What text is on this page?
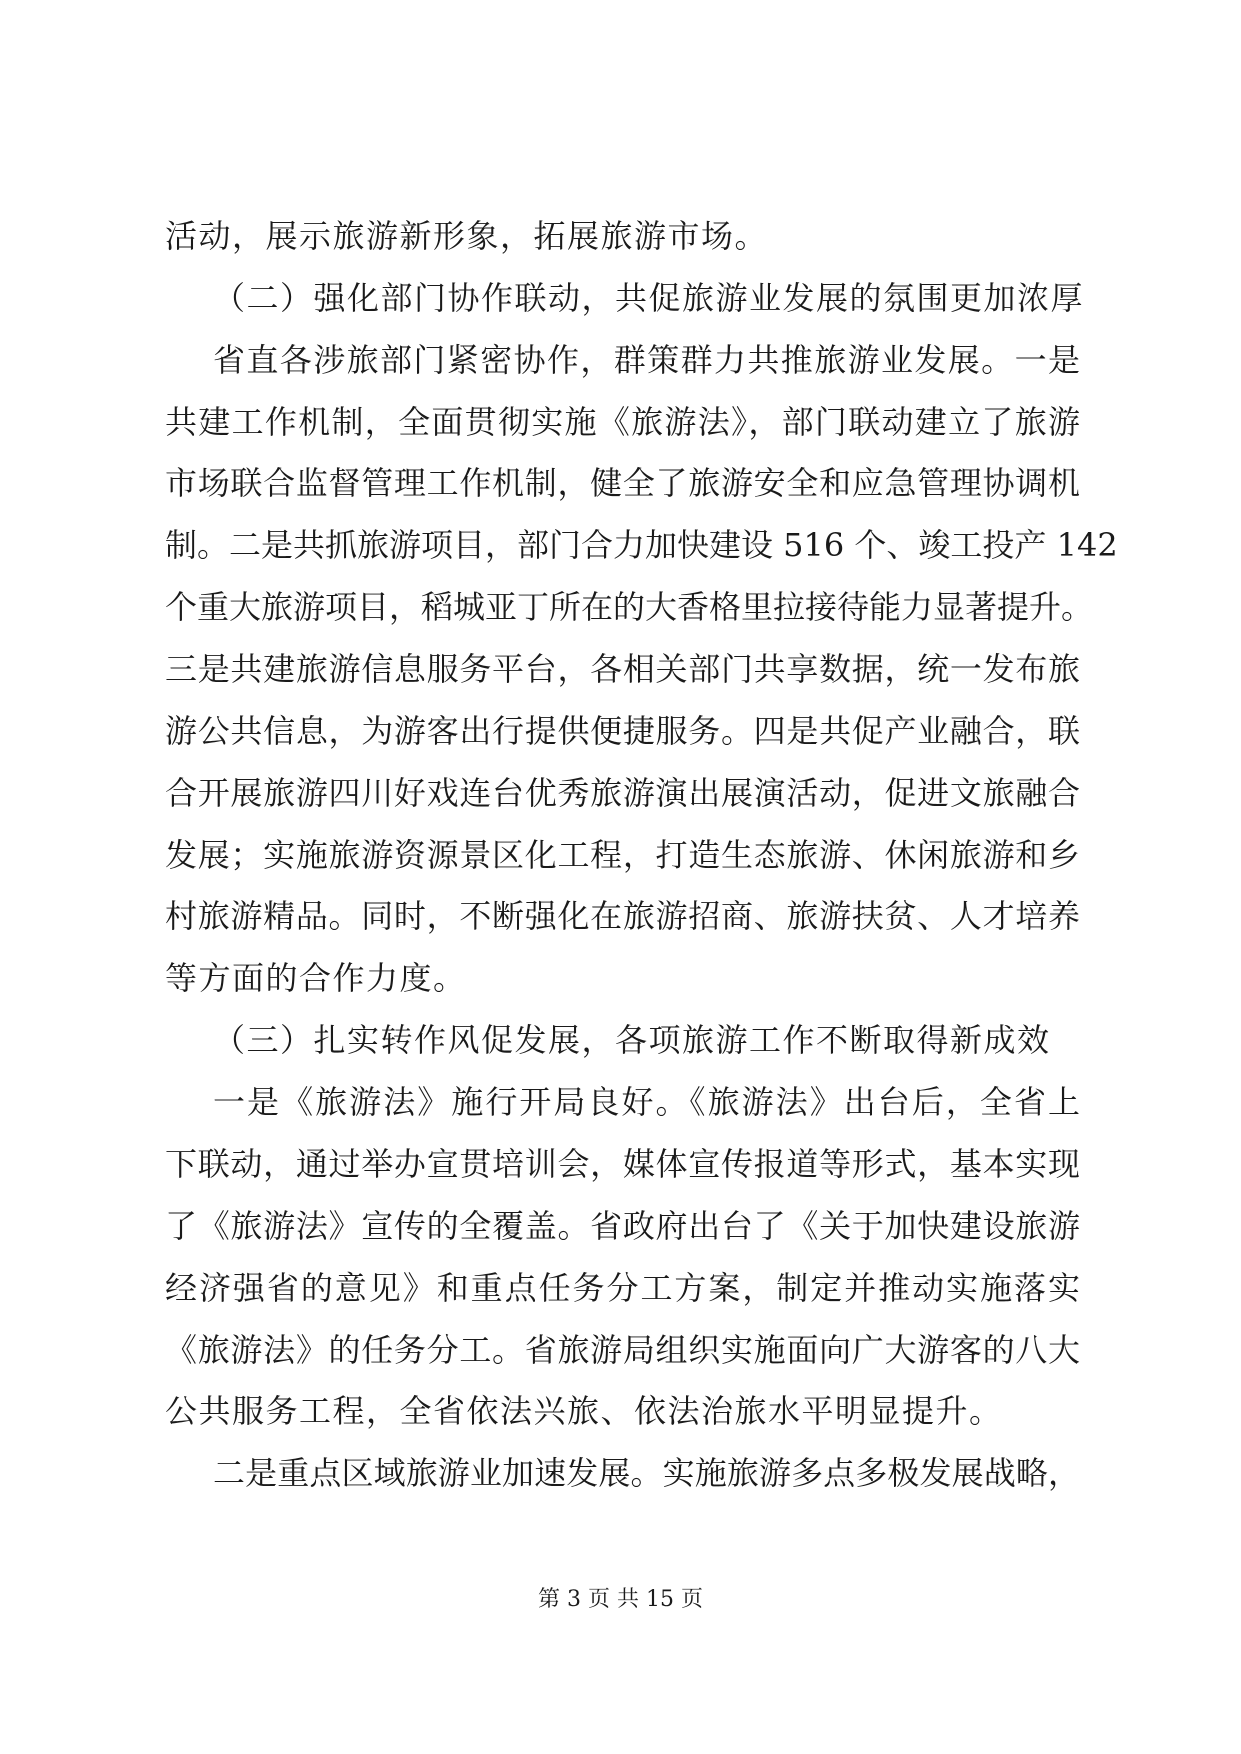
活动，展示旅游新形象，拓展旅游市场。
（二）强化部门协作联动，共促旅游业发展的氛围更加浓厚
省直各涉旅部门紧密协作，群策群力共推旅游业发展。一是
共建工作机制，全面贯彻实施《旅游法》，部门联动建立了旅游
市场联合监督管理工作机制，健全了旅游安全和应急管理协调机
制。二是共抓旅游项目，部门合力加快建设 516 个、竣工投产 142
个重大旅游项目，稻城亚丁所在的大香格里拉接待能力显著提升。
三是共建旅游信息服务平台，各相关部门共享数据，统一发布旅
游公共信息，为游客出行提供便捷服务。四是共促产业融合，联
合开展旅游四川好戏连台优秀旅游演出展演活动，促进文旅融合
发展；实施旅游资源景区化工程，打造生态旅游、休闲旅游和乡
村旅游精品。同时，不断强化在旅游招商、旅游扶贫、人才培养
等方面的合作力度。
（三）扎实转作风促发展，各项旅游工作不断取得新成效
一是《旅游法》施行开局良好。《旅游法》出台后，全省上
下联动，通过举办宣贯培训会，媒体宣传报道等形式，基本实现
了《旅游法》宣传的全覆盖。省政府出台了《关于加快建设旅游
经济强省的意见》和重点任务分工方案，制定并推动实施落实
《旅游法》的任务分工。省旅游局组织实施面向广大游客的八大
公共服务工程，全省依法兴旅、依法治旅水平明显提升。
二是重点区域旅游业加速发展。实施旅游多点多极发展战略，
第 3 页 共 15 页
